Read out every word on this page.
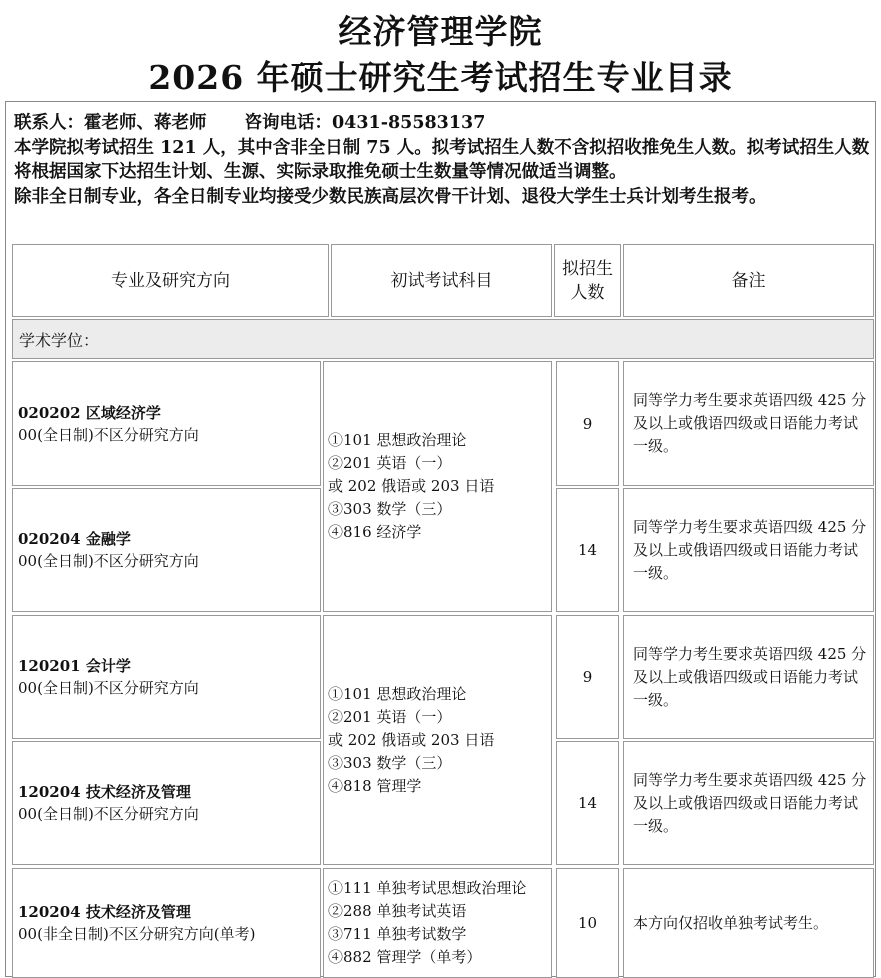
经济管理学院
2026 年硕士研究生考试招生专业目录
联系人：霍老师、蒋老师 咨询电话：0431-85583137
本学院拟考试招生 121 人，其中含非全日制 75 人。拟考试招生人数不含拟招收推免生人数。拟考试招生人数将根据国家下达招生计划、生源、实际录取推免硕士生数量等情况做适当调整。
除非全日制专业，各全日制专业均接受少数民族高层次骨干计划、退役大学生士兵计划考生报考。
专业及研究方向	初试考试科目
拟招生人数
备注
学术学位：
020202 区域经济学
00(全日制)不区分研究方向
020204 金融学
00(全日制)不区分研究方向
①101 思想政治理论
②201 英语（一）
或 202 俄语或 203 日语
③303 数学（三）
④816 经济学
9
14
同等学力考生要求英语四级 425 分及以上或俄语四级或日语能力考试一级。
同等学力考生要求英语四级 425 分及以上或俄语四级或日语能力考试一级。
120201 会计学
00(全日制)不区分研究方向
120204 技术经济及管理
00(全日制)不区分研究方向
①101 思想政治理论
②201 英语（一）
或 202 俄语或 203 日语
③303 数学（三）
④818 管理学
9
14
同等学力考生要求英语四级 425 分及以上或俄语四级或日语能力考试一级。
同等学力考生要求英语四级 425 分及以上或俄语四级或日语能力考试一级。
120204 技术经济及管理
00(非全日制)不区分研究方向(单考)
①111 单独考试思想政治理论
②288 单独考试英语
③711 单独考试数学
④882 管理学（单考）
10	本方向仅招收单独考试考生。
